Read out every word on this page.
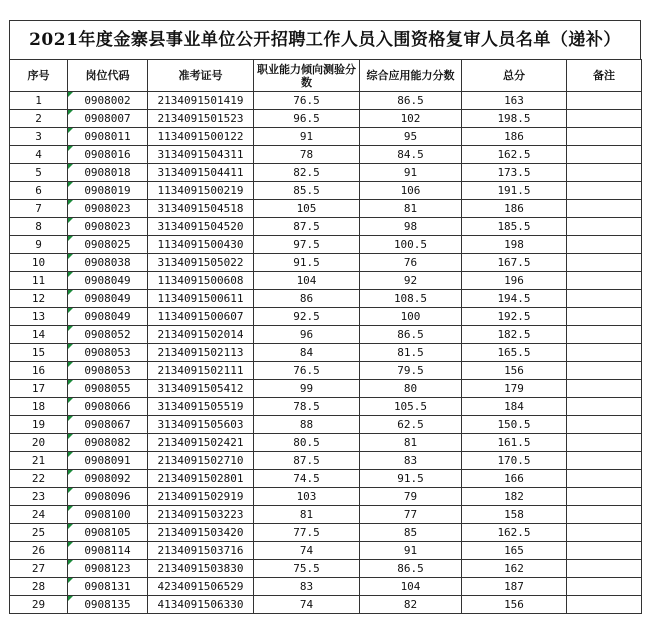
2021年度金寨县事业单位公开招聘工作人员入围资格复审人员名单（递补）
序号	岗位代码	准考证号	职业能力倾向测验分数	综合应用能力分数	总分	备注
1	0908002	2134091501419	76.5	86.5	163	
2	0908007	2134091501523	96.5	102	198.5	
3	0908011	1134091500122	91	95	186	
4	0908016	3134091504311	78	84.5	162.5	
5	0908018	3134091504411	82.5	91	173.5	
6	0908019	1134091500219	85.5	106	191.5	
7	0908023	3134091504518	105	81	186	
8	0908023	3134091504520	87.5	98	185.5	
9	0908025	1134091500430	97.5	100.5	198	
10	0908038	3134091505022	91.5	76	167.5	
11	0908049	1134091500608	104	92	196	
12	0908049	1134091500611	86	108.5	194.5	
13	0908049	1134091500607	92.5	100	192.5	
14	0908052	2134091502014	96	86.5	182.5	
15	0908053	2134091502113	84	81.5	165.5	
16	0908053	2134091502111	76.5	79.5	156	
17	0908055	3134091505412	99	80	179	
18	0908066	3134091505519	78.5	105.5	184	
19	0908067	3134091505603	88	62.5	150.5	
20	0908082	2134091502421	80.5	81	161.5	
21	0908091	2134091502710	87.5	83	170.5	
22	0908092	2134091502801	74.5	91.5	166	
23	0908096	2134091502919	103	79	182	
24	0908100	2134091503223	81	77	158	
25	0908105	2134091503420	77.5	85	162.5	
26	0908114	2134091503716	74	91	165	
27	0908123	2134091503830	75.5	86.5	162	
28	0908131	4234091506529	83	104	187	
29	0908135	4134091506330	74	82	156	
